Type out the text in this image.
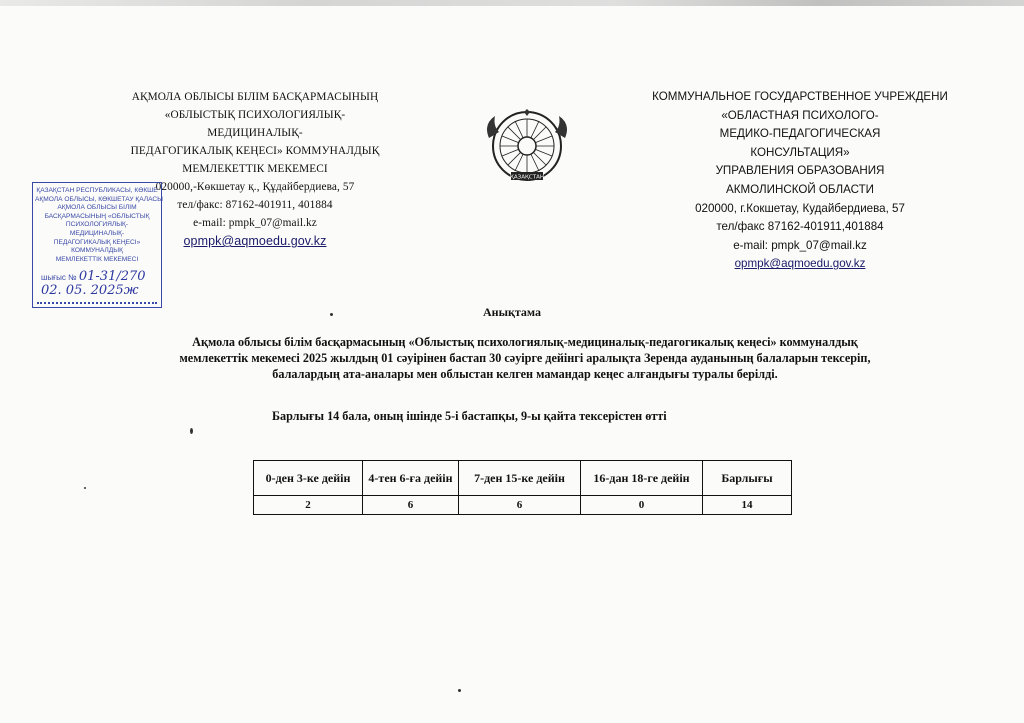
АҚМОЛА ОБЛЫСЫ БІЛІМ БАСҚАРМАСЫНЫҢ
«ОБЛЫСТЫҚ ПСИХОЛОГИЯЛЫҚ-
МЕДИЦИНАЛЫҚ-
ПЕДАГОГИКАЛЫҚ КЕҢЕСІ» КОММУНАЛДЫҚ
МЕМЛЕКЕТТІК МЕКЕМЕСІ
020000,-Көкшетау қ., Құдайбердиева, 57
тел/факс: 87162-401911, 401884
e-mail: pmpk_07@mail.kz
opmpk@aqmoedu.gov.kz
ҚАЗАҚСТАН
КОММУНАЛЬНОЕ ГОСУДАРСТВЕННОЕ УЧРЕЖДЕНИ
«ОБЛАСТНАЯ ПСИХОЛОГО-
МЕДИКО-ПЕДАГОГИЧЕСКАЯ
КОНСУЛЬТАЦИЯ»
УПРАВЛЕНИЯ ОБРАЗОВАНИЯ
АКМОЛИНСКОЙ ОБЛАСТИ
020000, г.Кокшетау, Кудайбердиева, 57
тел/факс 87162-401911,401884
e-mail: pmpk_07@mail.kz
opmpk@aqmoedu.gov.kz
ҚАЗАҚСТАН РЕСПУБЛИКАСЫ, КӨКШЕ
АҚМОЛА ОБЛЫСЫ, КӨКШЕТАУ ҚАЛАСЫ
АҚМОЛА ОБЛЫСЫ БІЛІМ
БАСҚАРМАСЫНЫҢ «ОБЛЫСТЫҚ
ПСИХОЛОГИЯЛЫҚ-
МЕДИЦИНАЛЫҚ-
ПЕДАГОГИКАЛЫҚ КЕҢЕСІ»
КОММУНАЛДЫҚ
МЕМЛЕКЕТТІК МЕКЕМЕСІ
шығыс № 01-31/270
02. 05. 2025ж
Анықтама
Ақмола облысы білім басқармасының «Облыстық психологиялық-медициналық-педагогикалық кеңесі» коммуналдық
мемлекеттік мекемесі 2025 жылдың 01 сәуірінен бастап 30 сәуірге дейінгі аралықта Зеренда ауданының балаларын тексеріп,
балалардың ата-аналары мен облыстан келген мамандар кеңес алғандығы туралы берілді.
Барлығы 14 бала, оның ішінде 5-і бастапқы, 9-ы қайта тексерістен өтті
0-ден 3-ке дейін	4-тен 6-ға дейін	7-ден 15-ке дейін	16-дан 18-ге дейін	Барлығы
2	6	6	0	14
